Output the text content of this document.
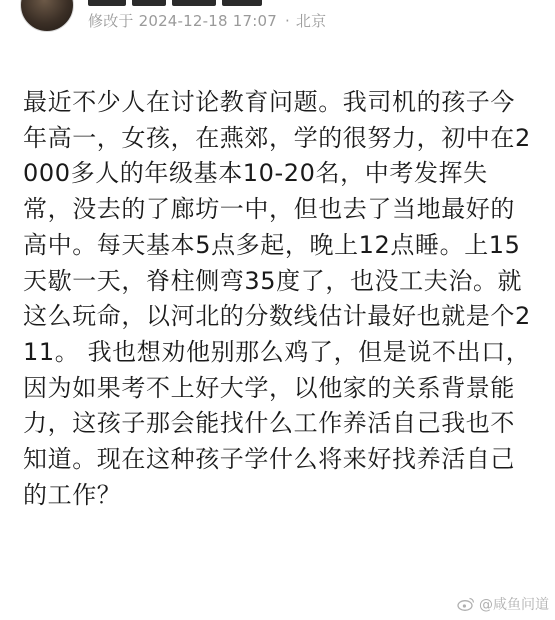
修改于 2024-12-18 17:07 · 北京
最近不少人在讨论教育问题。我司机的孩子今年高一，女孩，在燕郊，学的很努力，初中在2000多人的年级基本10-20名，中考发挥失常，没去的了廊坊一中，但也去了当地最好的高中。每天基本5点多起，晚上12点睡。上15天歇一天，脊柱侧弯35度了，也没工夫治。就这么玩命，以河北的分数线估计最好也就是个211。 我也想劝他别那么鸡了，但是说不出口，因为如果考不上好大学，以他家的关系背景能力，这孩子那会能找什么工作养活自己我也不知道。现在这种孩子学什么将来好找养活自己的工作？
@咸鱼问道
